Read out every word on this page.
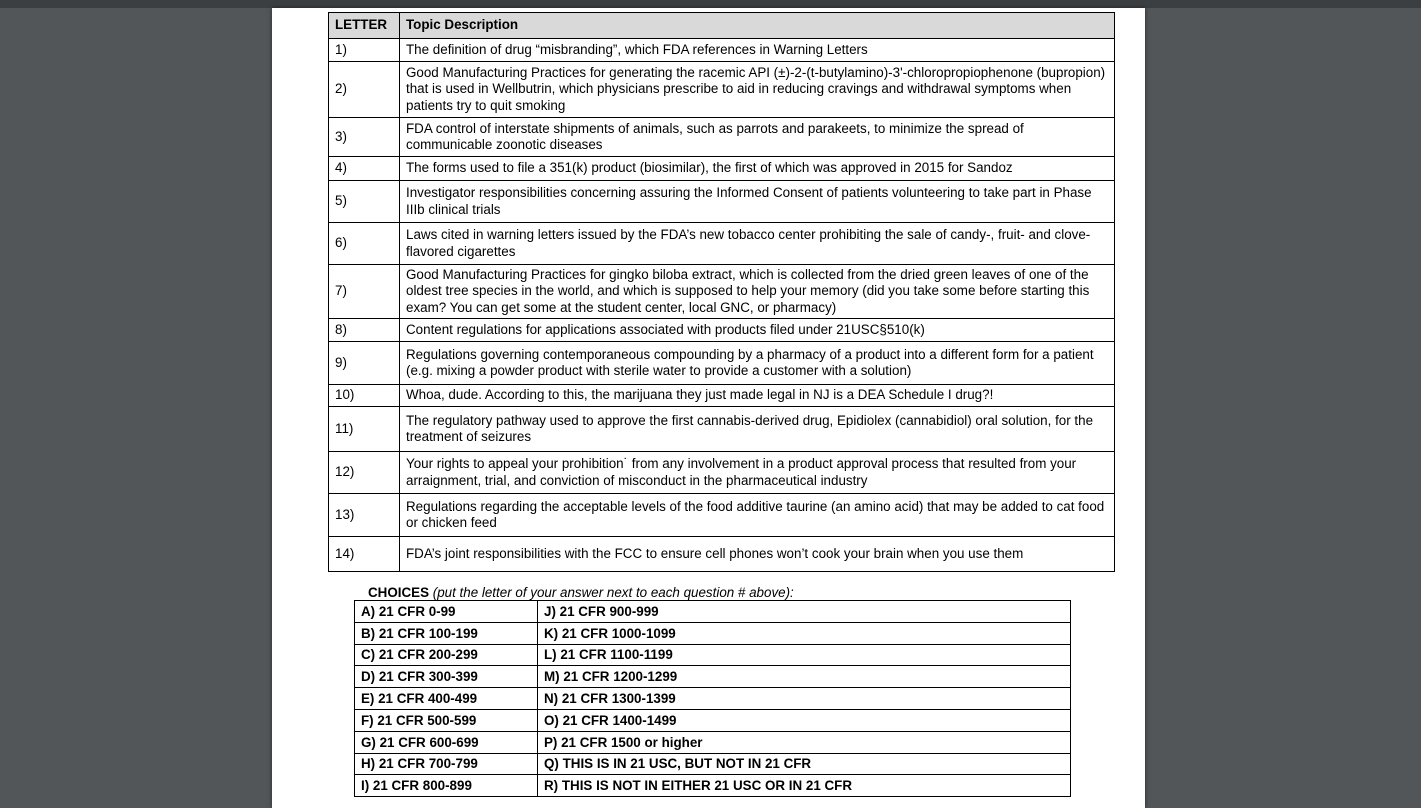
LETTER	Topic Description
1)	The definition of drug “misbranding”, which FDA references in Warning Letters
2)	Good Manufacturing Practices for generating the racemic API (±)-2-(t-butylamino)-3'-chloropropiophenone (bupropion) that is used in Wellbutrin, which physicians prescribe to aid in reducing cravings and withdrawal symptoms when patients try to quit smoking
3)	FDA control of interstate shipments of animals, such as parrots and parakeets, to minimize the spread of communicable zoonotic diseases
4)	The forms used to file a 351(k) product (biosimilar), the first of which was approved in 2015 for Sandoz
5)	Investigator responsibilities concerning assuring the Informed Consent of patients volunteering to take part in Phase IIIb clinical trials
6)	Laws cited in warning letters issued by the FDA’s new tobacco center prohibiting the sale of candy-, fruit- and clove-flavored cigarettes
7)	Good Manufacturing Practices for gingko biloba extract, which is collected from the dried green leaves of one of the oldest tree species in the world, and which is supposed to help your memory (did you take some before starting this exam? You can get some at the student center, local GNC, or pharmacy)
8)	Content regulations for applications associated with products filed under 21USC§510(k)
9)	Regulations governing contemporaneous compounding by a pharmacy of a product into a different form for a patient (e.g. mixing a powder product with sterile water to provide a customer with a solution)
10)	Whoa, dude. According to this, the marijuana they just made legal in NJ is a DEA Schedule I drug?!
11)	The regulatory pathway used to approve the first cannabis-derived drug, Epidiolex (cannabidiol) oral solution, for the treatment of seizures
12)	Your rights to appeal your prohibition˙ from any involvement in a product approval process that resulted from your arraignment, trial, and conviction of misconduct in the pharmaceutical industry
13)	Regulations regarding the acceptable levels of the food additive taurine (an amino acid) that may be added to cat food or chicken feed
14)	FDA’s joint responsibilities with the FCC to ensure cell phones won’t cook your brain when you use them
CHOICES (put the letter of your answer next to each question # above):
A) 21 CFR 0-99	J) 21 CFR 900-999
B) 21 CFR 100-199	K) 21 CFR 1000-1099
C) 21 CFR 200-299	L) 21 CFR 1100-1199
D) 21 CFR 300-399	M) 21 CFR 1200-1299
E) 21 CFR 400-499	N) 21 CFR 1300-1399
F) 21 CFR 500-599	O) 21 CFR 1400-1499
G) 21 CFR 600-699	P) 21 CFR 1500 or higher
H) 21 CFR 700-799	Q) THIS IS IN 21 USC, BUT NOT IN 21 CFR
I) 21 CFR 800-899	R) THIS IS NOT IN EITHER 21 USC OR IN 21 CFR
